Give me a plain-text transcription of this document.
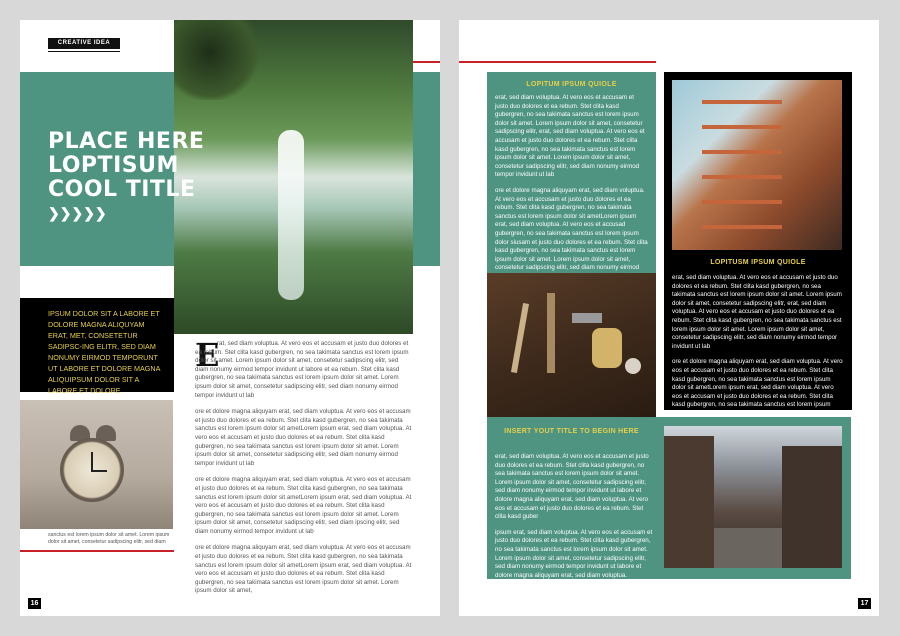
CREATIVE IDEA
PLACE HERE
LOPTISUM
COOL TITLE
❯❯❯❯❯

IPSUM DOLOR SIT A LABORE ET DOLORE MAGNA ALIQUYAM ERAT, MET, CONSETETUR SADIPSC-ING ELITR, SED DIAM NONUMY EIRMOD TEMPORUNT UT LABORE ET DOLORE MAGNA ALIQUIPSUM DOLOR SIT A LABORE ET DOLORE

sanctus est lorem ipsum dolor sit amet. Lorem ipsum dolor sit amet, consetetur sadipscing elitr, sed diam
E

rat, sed diam voluptua. At vero eos et accusam et justo duo dolores et ea rebum. Stet clita kasd gubergren, no sea takimata sanctus est lorem ipsum dolor sit amet. Lorem ipsum dolor sit amet, consetetur sadipscing elitr, sed diam nonumy eirmod tempor invidunt ut labore et ea rebum. Stet clita kasd gubergren, no sea takimata sanctus est lorem ipsum dolor sit amet. Lorem ipsum dolor sit amet, consetetur sadipscing elitr, sed diam nonumy eirmod tempor invidunt ut lab

ore et dolore magna aliquyam erat, sed diam voluptua. At vero eos et accusam et justo duo dolores et ea rebum. Stet clita kasd gubergren, no sea takimata sanctus est lorem ipsum dolor sit ametLorem ipsum erat, sed diam voluptua. At vero eos et accusam et justo duo dolores et ea rebum. Stet clita kasd gubergren, no sea takimata sanctus est lorem ipsum dolor sit amet. Lorem ipsum dolor sit amet, consetetur sadipscing elitr, sed diam nonumy eirmod tempor invidunt ut lab

ore et dolore magna aliquyam erat, sed diam voluptua. At vero eos et accusam et justo duo dolores et ea rebum. Stet clita kasd gubergren, no sea takimata sanctus est lorem ipsum dolor sit ametLorem ipsum erat, sed diam voluptua. At vero eos et accusam et justo duo dolores et ea rebum. Stet clita kasd gubergren, no sea takimata sanctus est lorem ipsum dolor sit amet. Lorem ipsum dolor sit amet, consetetur sadipscing elitr, sed diam ipscing elitr, sed diam nonumy eirmod tempor invidunt ut lab

ore et dolore magna aliquyam erat, sed diam voluptua. At vero eos et accusam et justo duo dolores et ea rebum. Stet clita kasd gubergren, no sea takimata sanctus est lorem ipsum dolor sit ametLorem ipsum erat, sed diam voluptua. At vero eos et accusam et justo duo dolores et ea rebum. Stet clita kasd gubergren, no sea takimata sanctus est lorem ipsum dolor sit amet. Lorem ipsum dolor sit amet,

16
LOPITUM IPSUM QUIOLE

erat, sed diam voluptua. At vero eos et accusam et justo duo dolores et ea rebum. Stet clita kasd gubergren, no sea takimata sanctus est lorem ipsum dolor sit amet. Lorem ipsum dolor sit amet, consetetur sadipscing elitr, erat, sed diam voluptua. At vero eos et accusam et justo duo dolores et ea rebum. Stet clita kasd gubergren, no sea takimata sanctus est lorem ipsum dolor sit amet. Lorem ipsum dolor sit amet, consetetur sadipscing elitr, sed diam nonumy eirmod tempor invidunt ut lab

ore et dolore magna aliquyam erat, sed diam voluptua. At vero eos et accusam et justo duo dolores et ea rebum. Stet clita kasd gubergren, no sea takimata sanctus est lorem ipsum dolor sit ametLorem ipsum erat, sed diam voluptua. At vero eos et accusad gubergren, no sea takimata sanctus est lorem ipsum dolor siusam et justo duo dolores et ea rebum. Stet clita kasd gubergren, no sea takimata sanctus est lorem ipsum dolor sit amet. Lorem ipsum dolor sit amet, consetetur sadipscing elitr, sed diam nonumy eirmod

LOPITUSM IPSUM QUIOLE

erat, sed diam voluptua. At vero eos et accusam et justo duo dolores et ea rebum. Stet clita kasd gubergren, no sea takimata sanctus est lorem ipsum dolor sit amet. Lorem ipsum dolor sit amet, consetetur sadipscing elitr, erat, sed diam voluptua. At vero eos et accusam et justo duo dolores et ea rebum. Stet clita kasd gubergren, no sea takimata sanctus est lorem ipsum dolor sit amet. Lorem ipsum dolor sit amet, consetetur sadipscing elitr, sed diam nonumy eirmod tempor invidunt ut lab

ore et dolore magna aliquyam erat, sed diam voluptua. At vero eos et accusam et justo duo dolores et ea rebum. Stet clita kasd gubergren, no sea takimata sanctus est lorem ipsum dolor sit ametLorem ipsum erat, sed diam voluptua. At vero eos et accusam et justo duo dolores et ea rebum. Stet clita kasd gubergren, no sea takimata sanctus est lorem ipsum dolor sit

INSERT YOUT TITLE TO BEGIN HERE

erat, sed diam voluptua. At vero eos et accusam et justo duo dolores et ea rebum. Stet clita kasd gubergren, no sea takimata sanctus est lorem ipsum dolor sit amet. Lorem ipsum dolor sit amet, consetetur sadipscing elitr, sed diam nonumy eirmod tempor invidunt ut labore et dolore magna aliquyam erat, sed diam voluptua. At vero eos et accusam et justo duo dolores et ea rebum. Stet clita kasd guber

ipsum erat, sed diam voluptua. At vero eos et accusam et justo duo dolores et ea rebum. Stet clita kasd gubergren, no sea takimata sanctus est lorem ipsum dolor sit amet. Lorem ipsum dolor sit amet, consetetur sadipscing elitr, sed diam nonumy eirmod tempor invidunt ut labore et dolore magna aliquyam erat, sed diam voluptua.

17
